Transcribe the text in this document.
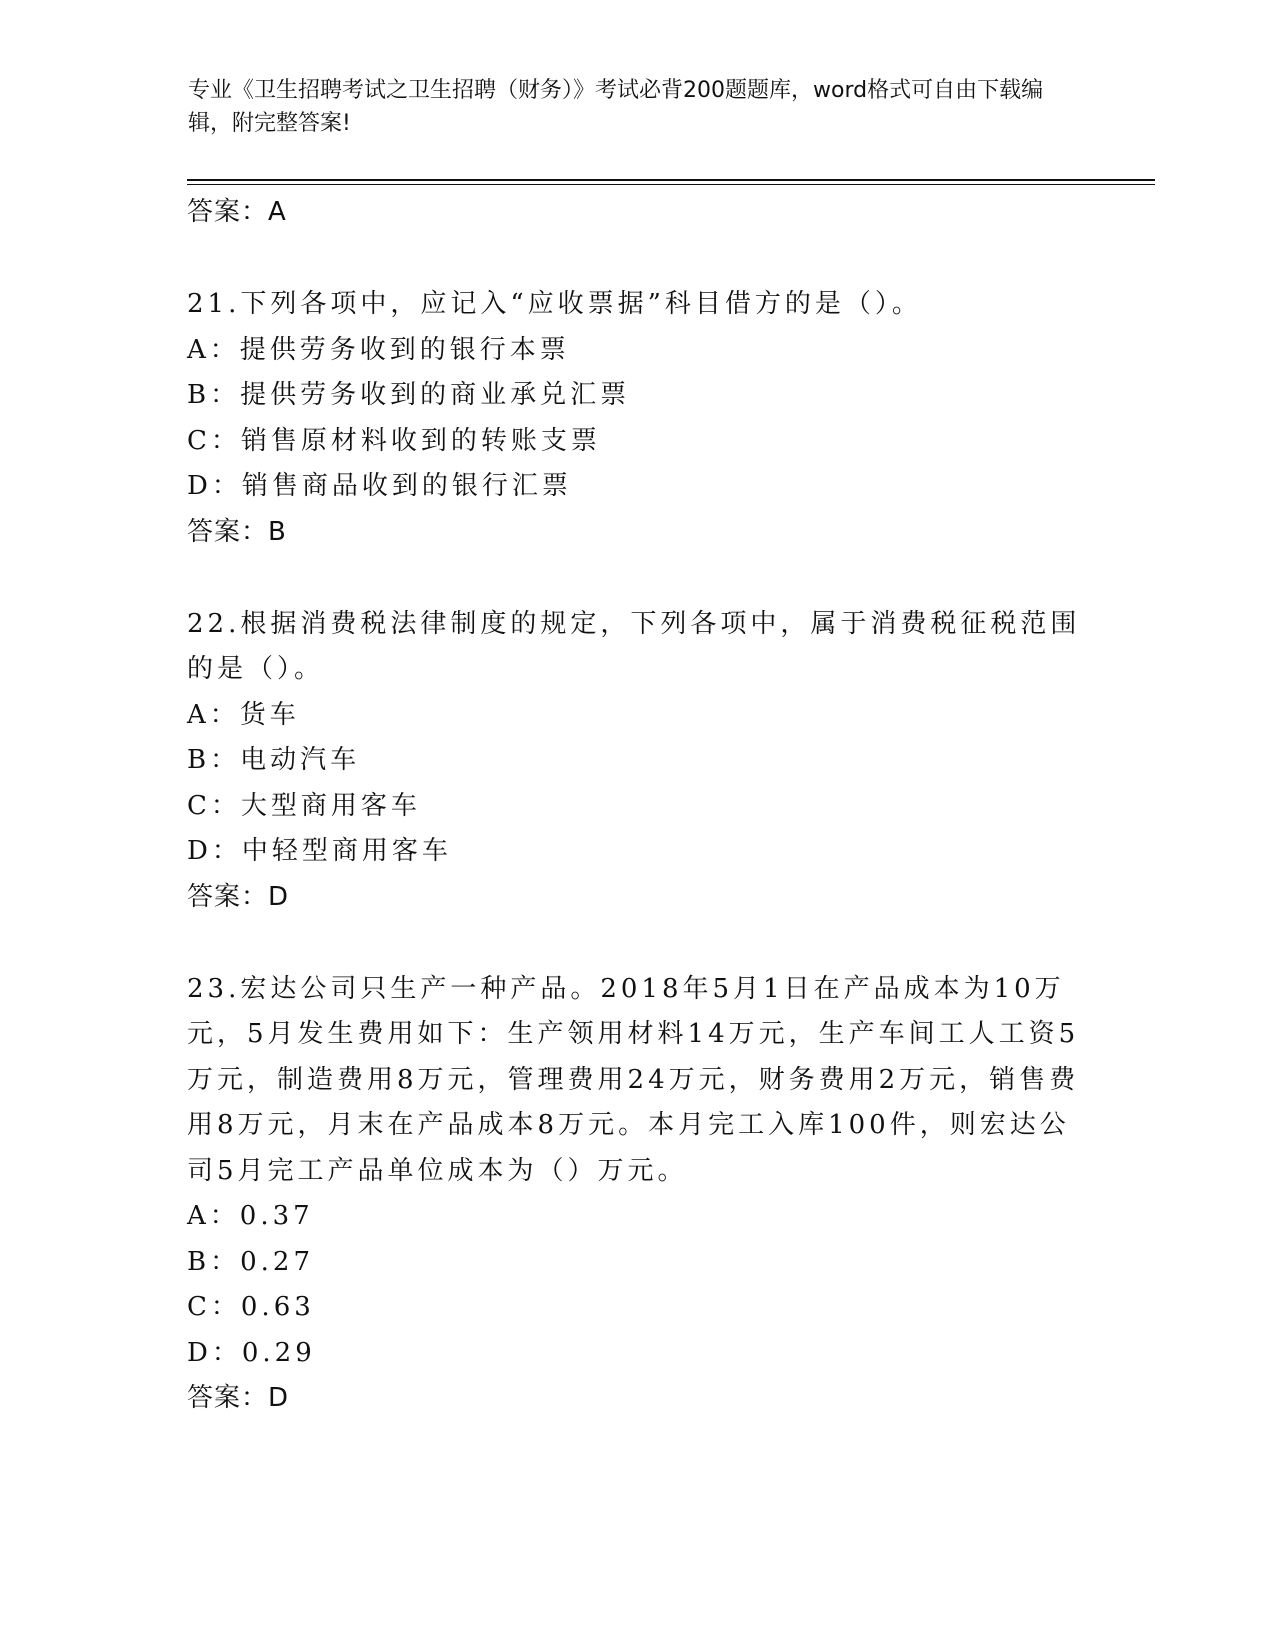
专业《卫生招聘考试之卫生招聘（财务）》考试必背200题题库，word格式可自由下载编辑，附完整答案!
答案：A

21.下列各项中，应记入“应收票据”科目借方的是（）。

A：提供劳务收到的银行本票

B：提供劳务收到的商业承兑汇票

C：销售原材料收到的转账支票

D：销售商品收到的银行汇票

答案：B

22.根据消费税法律制度的规定，下列各项中，属于消费税征税范围的是（）。

A：货车

B：电动汽车

C：大型商用客车

D：中轻型商用客车

答案：D

23.宏达公司只生产一种产品。2018年5月1日在产品成本为10万元，5月发生费用如下：生产领用材料14万元，生产车间工人工资5万元，制造费用8万元，管理费用24万元，财务费用2万元，销售费用8万元，月末在产品成本8万元。本月完工入库100件，则宏达公司5月完工产品单位成本为（）万元。

A：0.37

B：0.27

C：0.63

D：0.29

答案：D
